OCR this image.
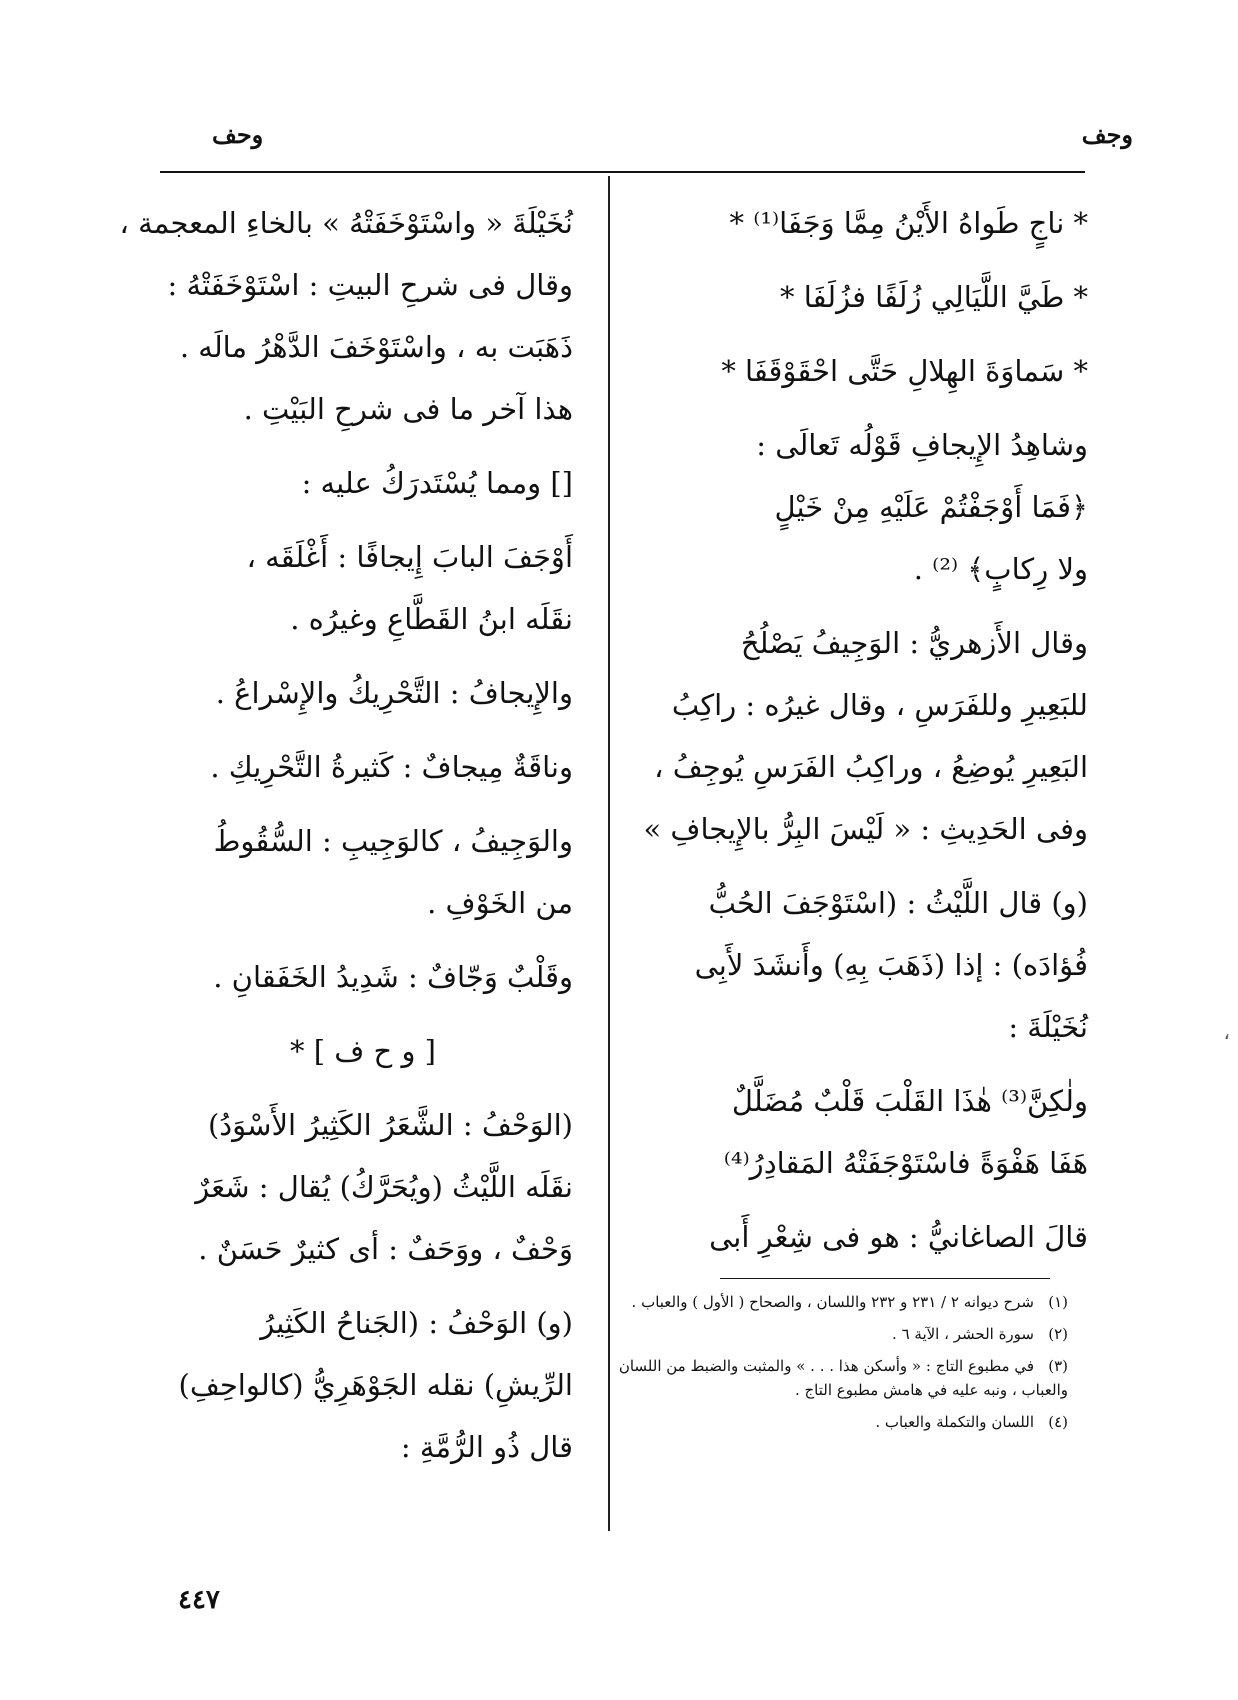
وجف
وحف

* ناجٍ طَواهُ الأَيْنُ مِمَّا وَجَفَا⁽¹⁾ *

* طَيَّ اللَّيَالِي زُلَفًا فزُلَفَا *

* سَماوَةَ الهِلالِ حَتَّى احْقَوْقَفَا *

وشاهِدُ الإِيجافِ قَوْلُه تَعالَى :
﴿فَمَا أَوْجَفْتُمْ عَلَيْهِ مِنْ خَيْلٍ
ولا رِكابٍ﴾ ⁽²⁾ .

وقال الأَزهريُّ : الوَجِيفُ يَصْلُحُ
للبَعِيرِ وللفَرَسِ ، وقال غيرُه : راكِبُ
البَعِيرِ يُوضِعُ ، وراكِبُ الفَرَسِ يُوجِفُ ،
وفى الحَدِيثِ : « لَيْسَ البِرُّ بالإِيجافِ »

(و) قال اللَّيْثُ : (اسْتَوْجَفَ الحُبُّ
فُؤادَه) : إذا (ذَهَبَ بِهِ) وأَنشَدَ لأَبِى
نُخَيْلَةَ :

ولٰكِنَّ⁽³⁾ هٰذَا القَلْبَ قَلْبٌ مُضَلَّلٌ
هَفَا هَفْوَةً فاسْتَوْجَفَتْهُ المَقادِرُ⁽⁴⁾

قالَ الصاغانيُّ : هو فى شِعْرِ أَبى

نُخَيْلَةَ « واسْتَوْخَفَتْهُ » بالخاءِ المعجمة ،
وقال فى شرحِ البيتِ : اسْتَوْخَفَتْهُ :
ذَهَبَت به ، واسْتَوْخَفَ الدَّهْرُ مالَه .
هذا آخر ما فى شرحِ البَيْتِ .

[] ومما يُسْتَدرَكُ عليه :

أَوْجَفَ البابَ إِيجافًا : أَغْلَقَه ،
نقَلَه ابنُ القَطَّاعِ وغيرُه .

والإِيجافُ : التَّحْرِيكُ والإِسْراعُ .

وناقَةٌ مِيجافٌ : كَثيرةُ التَّحْرِيكِ .

والوَجِيفُ ، كالوَجِيبِ : السُّقُوطُ
من الخَوْفِ .

وقَلْبٌ وَجّافٌ : شَدِيدُ الخَفَقانِ .

[ و ح ف ] *

(الوَحْفُ : الشَّعَرُ الكَثِيرُ الأَسْوَدُ)
نقَلَه اللَّيْثُ (ويُحَرَّكُ) يُقال : شَعَرٌ
وَحْفٌ ، ووَحَفٌ : أى كثيرٌ حَسَنٌ .

(و) الوَحْفُ : (الجَناحُ الكَثِيرُ
الرِّيشِ) نقله الجَوْهَرِيُّ (كالواحِفِ)
قال ذُو الرُّمَّةِ :

(١)شرح ديوانه ٢ / ٢٣١ و ٢٣٢ واللسان ، والصحاح ( الأول ) والعباب .
(٢)سورة الحشر ، الآية ٦ .
(٣)في مطبوع التاج : « وأسكن هذا . . . » والمثبت والضبط من اللسان والعباب ، ونبه عليه في هامش مطبوع التاج .
(٤)اللسان والتكملة والعباب .
٤٤٧
،
